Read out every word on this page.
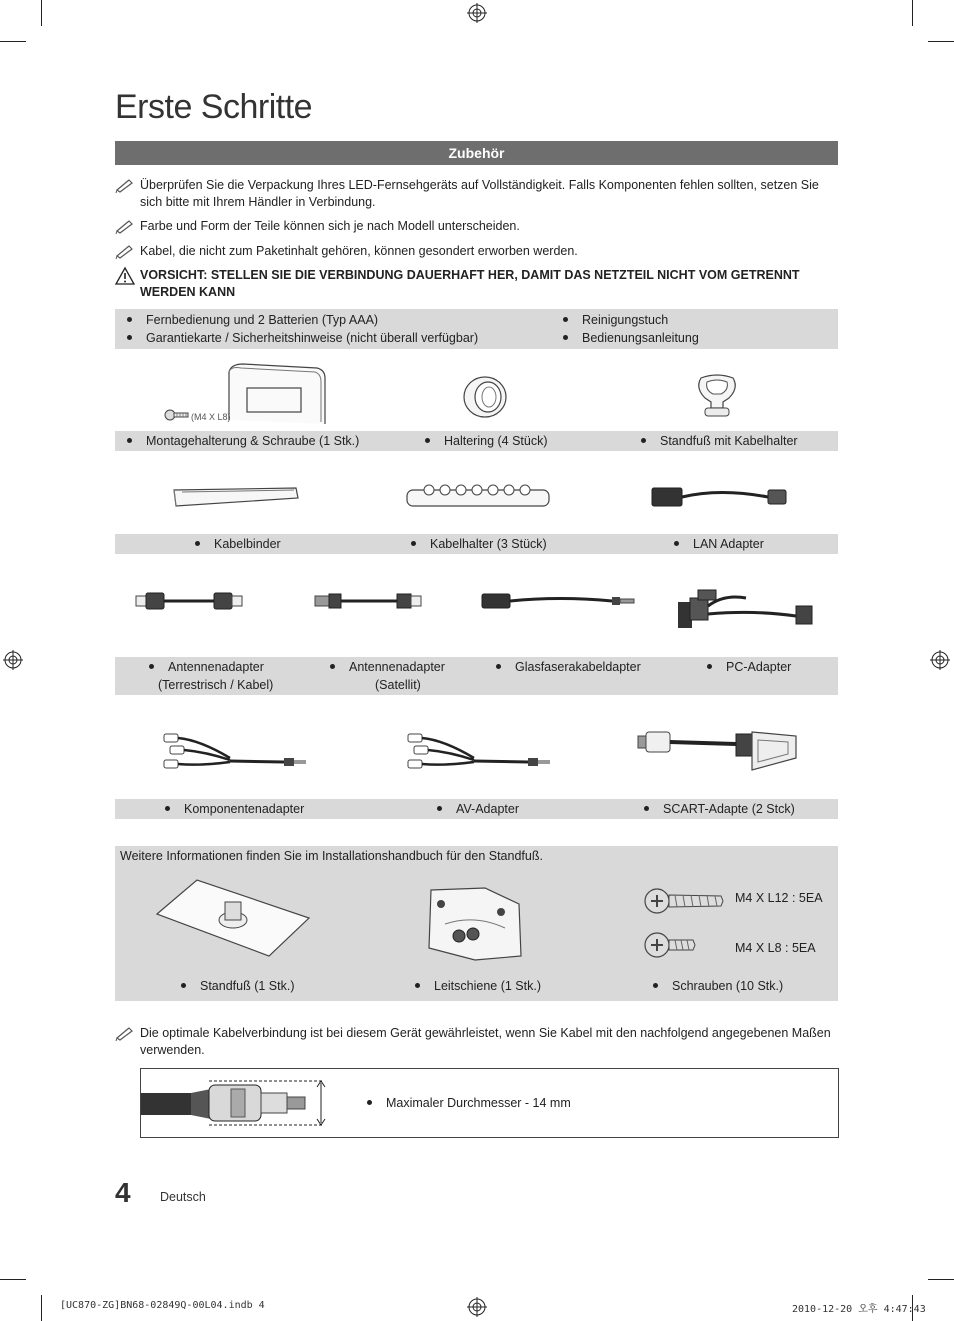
Erste Schritte
Zubehör
Überprüfen Sie die Verpackung Ihres LED-Fernsehgeräts auf Vollständigkeit. Falls Komponenten fehlen sollten, setzen Sie sich bitte mit Ihrem Händler in Verbindung.
Farbe und Form der Teile können sich je nach Modell unterscheiden.
Kabel, die nicht zum Paketinhalt gehören, können gesondert erworben werden.
VORSICHT: STELLEN SIE DIE VERBINDUNG DAUERHAFT HER, DAMIT DAS NETZTEIL NICHT VOM GETRENNT WERDEN KANN
Fernbedienung und 2 Batterien (Typ AAA)	Reinigungstuch
Garantiekarte / Sicherheitshinweise (nicht überall verfügbar)	Bedienungsanleitung
(M4 X L8)
Montagehalterung & Schraube (1 Stk.)	Haltering (4 Stück)	Standfuß mit Kabelhalter
Kabelbinder	Kabelhalter (3 Stück)	LAN Adapter
Antennenadapter
(Terrestrisch / Kabel)
Antennenadapter
(Satellit)
Glasfaserakabeldapter	PC-Adapter
Komponentenadapter	AV-Adapter	SCART-Adapte (2 Stck)
Weitere Informationen finden Sie im Installationshandbuch für den Standfuß.
M4 X L12 : 5EA
M4 X L8 : 5EA
Standfuß (1 Stk.)	Leitschiene (1 Stk.)	Schrauben (10 Stk.)
Die optimale Kabelverbindung ist bei diesem Gerät gewährleistet, wenn Sie Kabel mit den nachfolgend angegebenen Maßen verwenden.
Maximaler Durchmesser - 14 mm
4 Deutsch
[UC870-ZG]BN68-02849Q-00L04.indb 4	2010-12-20 오후 4:47:43
